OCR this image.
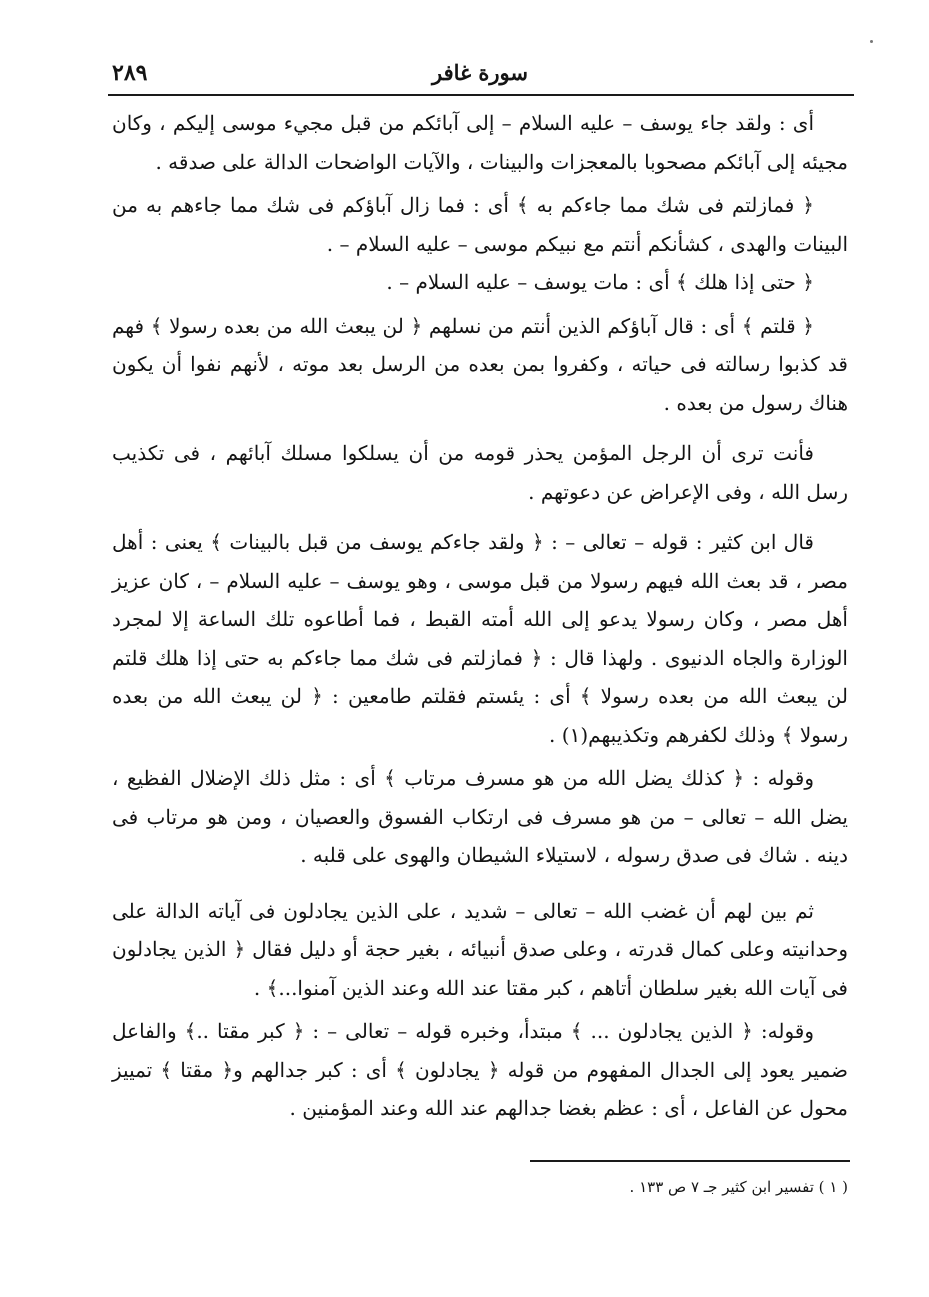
٢٨٩	سورة غافر

أى : ولقد جاء يوسف – عليه السلام – إلى آبائكم من قبل مجيء موسى إليكم ، وكان مجيئه إلى آبائكم مصحوبا بالمعجزات والبينات ، والآيات الواضحات الدالة على صدقه .

﴿ فمازلتم فى شك مما جاءكم به ﴾ أى : فما زال آباؤكم فى شك مما جاءهم به من البينات والهدى ، كشأنكم أنتم مع نبيكم موسى – عليه السلام – .

﴿ حتى إذا هلك ﴾ أى : مات يوسف – عليه السلام – .

﴿ قلتم ﴾ أى : قال آباؤكم الذين أنتم من نسلهم ﴿ لن يبعث الله من بعده رسولا ﴾ فهم قد كذبوا رسالته فى حياته ، وكفروا بمن بعده من الرسل بعد موته ، لأنهم نفوا أن يكون هناك رسول من بعده .

فأنت ترى أن الرجل المؤمن يحذر قومه من أن يسلكوا مسلك آبائهم ، فى تكذيب رسل الله ، وفى الإعراض عن دعوتهم .

قال ابن كثير : قوله – تعالى – : ﴿ ولقد جاءكم يوسف من قبل بالبينات ﴾ يعنى : أهل مصر ، قد بعث الله فيهم رسولا من قبل موسى ، وهو يوسف – عليه السلام – ، كان عزيز أهل مصر ، وكان رسولا يدعو إلى الله أمته القبط ، فما أطاعوه تلك الساعة إلا لمجرد الوزارة والجاه الدنيوى . ولهذا قال : ﴿ فمازلتم فى شك مما جاءكم به حتى إذا هلك قلتم لن يبعث الله من بعده رسولا ﴾ أى : يئستم فقلتم طامعين : ﴿ لن يبعث الله من بعده رسولا ﴾ وذلك لكفرهم وتكذيبهم(١) .

وقوله : ﴿ كذلك يضل الله من هو مسرف مرتاب ﴾ أى : مثل ذلك الإضلال الفظيع ، يضل الله – تعالى – من هو مسرف فى ارتكاب الفسوق والعصيان ، ومن هو مرتاب فى دينه . شاك فى صدق رسوله ، لاستيلاء الشيطان والهوى على قلبه .

ثم بين لهم أن غضب الله – تعالى – شديد ، على الذين يجادلون فى آياته الدالة على وحدانيته وعلى كمال قدرته ، وعلى صدق أنبيائه ، بغير حجة أو دليل فقال ﴿ الذين يجادلون فى آيات الله بغير سلطان أتاهم ، كبر مقتا عند الله وعند الذين آمنوا...﴾ .

وقوله: ﴿ الذين يجادلون ... ﴾ مبتدأ، وخبره قوله – تعالى – : ﴿ كبر مقتا ..﴾ والفاعل ضمير يعود إلى الجدال المفهوم من قوله ﴿ يجادلون ﴾ أى : كبر جدالهم و﴿ مقتا ﴾ تمييز محول عن الفاعل ، أى : عظم بغضا جدالهم عند الله وعند المؤمنين .

( ١ ) تفسير ابن كثير جـ ٧ ص ١٣٣ .
